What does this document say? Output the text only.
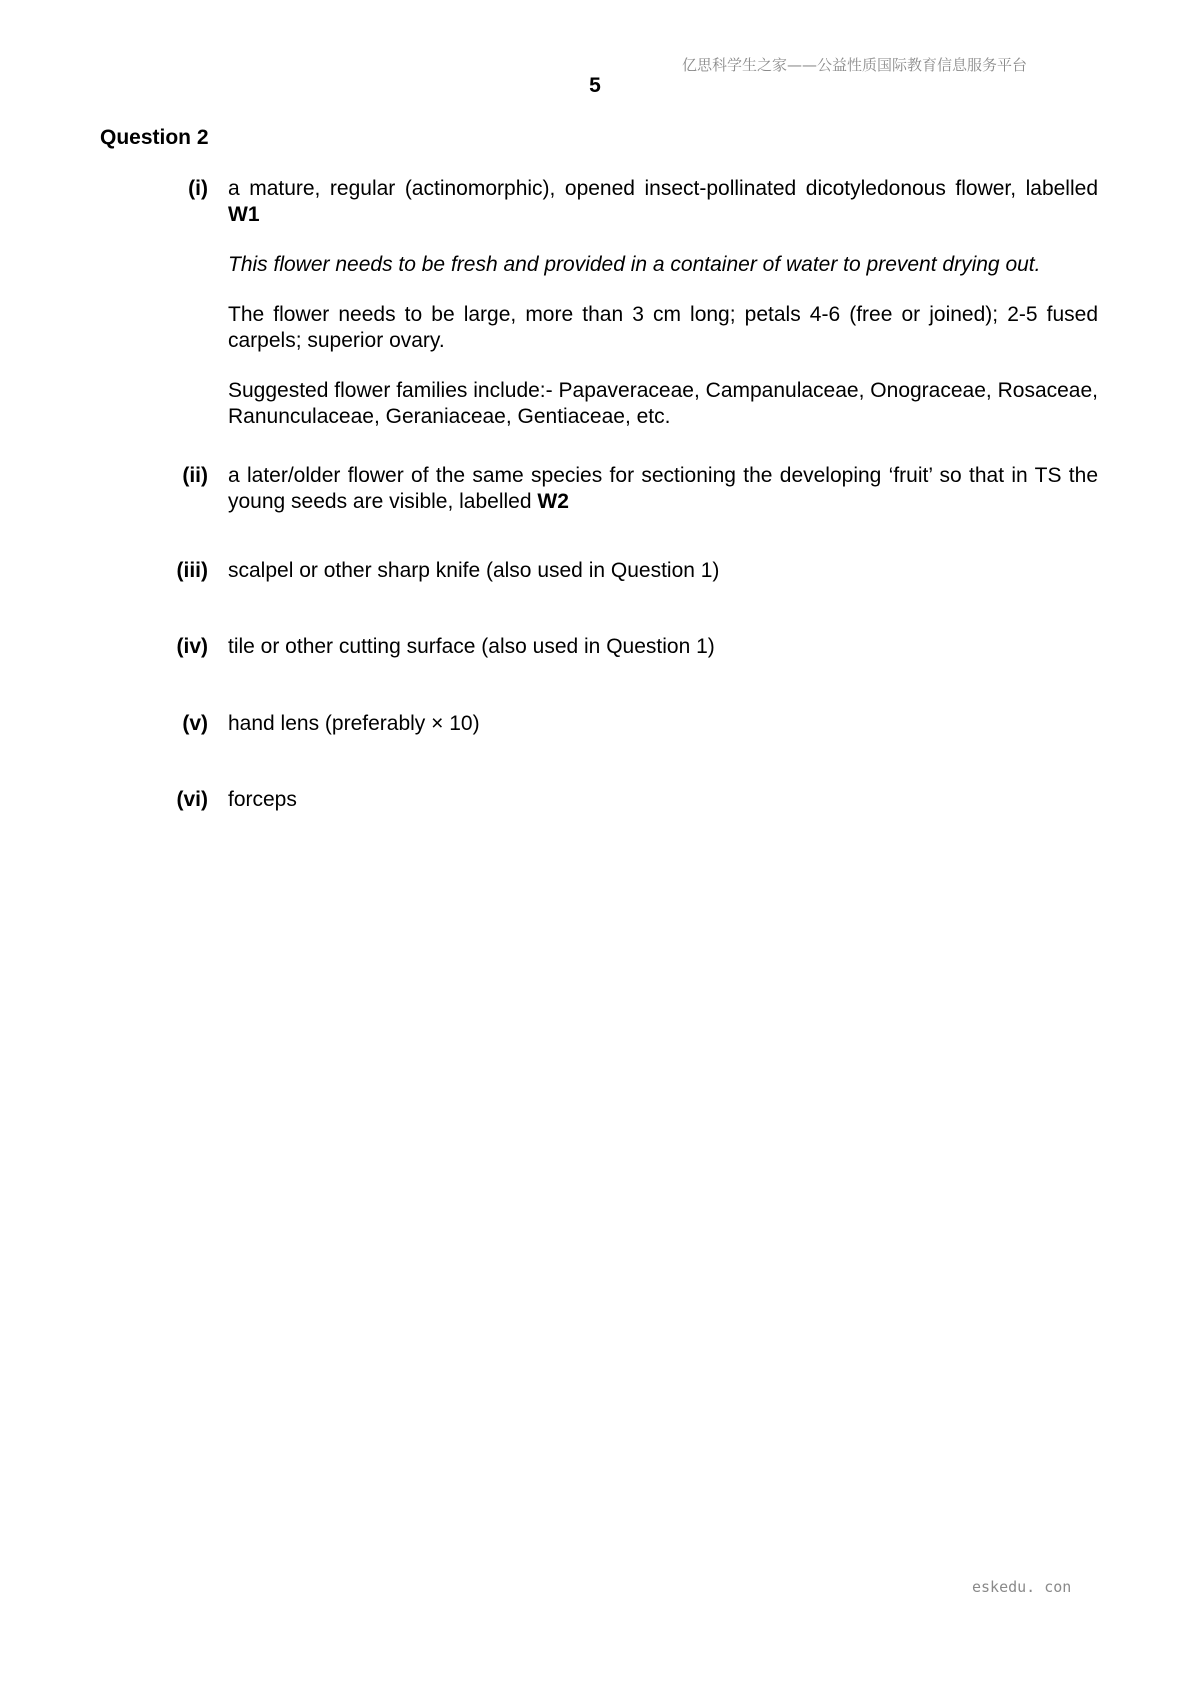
亿思科学生之家——公益性质国际教育信息服务平台
5
Question 2
(i) a mature, regular (actinomorphic), opened insect-pollinated dicotyledonous flower, labelled W1

This flower needs to be fresh and provided in a container of water to prevent drying out.

The flower needs to be large, more than 3 cm long; petals 4-6 (free or joined); 2-5 fused carpels; superior ovary.

Suggested flower families include:- Papaveraceae, Campanulaceae, Onograceae, Rosaceae, Ranunculaceae, Geraniaceae, Gentiaceae, etc.

(ii) a later/older flower of the same species for sectioning the developing ‘fruit’ so that in TS the young seeds are visible, labelled W2

(iii) scalpel or other sharp knife (also used in Question 1)
(iv) tile or other cutting surface (also used in Question 1)
(v) hand lens (preferably × 10)
(vi) forceps
eskedu. con
